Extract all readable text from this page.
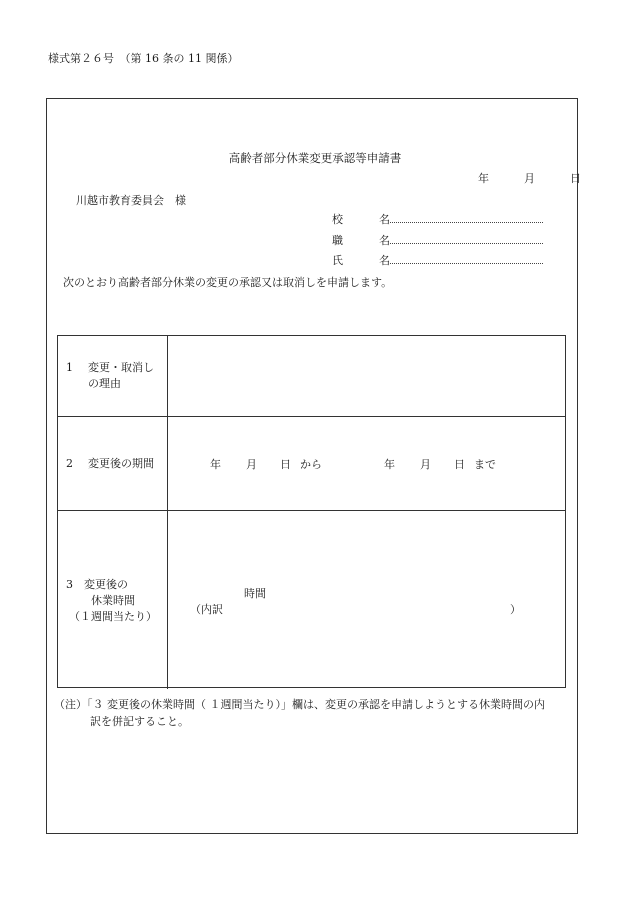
様式第２６号　（第 16 条の 11 関係）
高齢者部分休業変更承認等申請書
年	月	日
川越市教育委員会　様
校	名
職	名
氏	名
次のとおり高齢者部分休業の変更の承認又は取消しを申請します。
1 変更・取消し
の理由
2 変更後の期間	年 月 日 から	年 月 日 まで
3　 変更後の
休業時間
（１週間当たり）
時間
（内訳	）
（注）「３ 変更後の休業時間（ １週間当たり）」欄は、変更の承認を申請しようとする休業時間の内
訳を併記すること。
